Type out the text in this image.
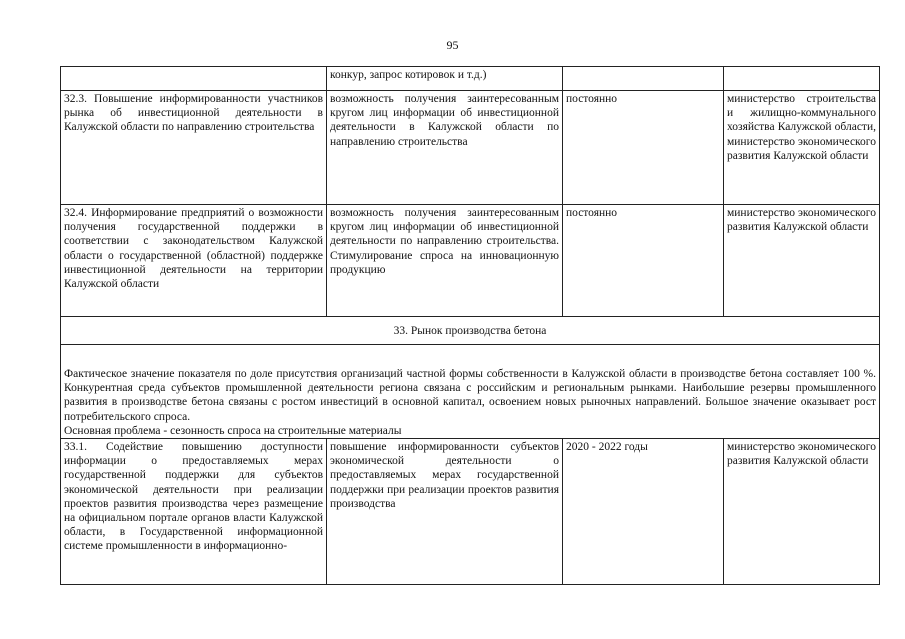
95
	конкур, запрос котировок и т.д.)		
32.3. Повышение информированности участников рынка об инвестиционной деятельности в Калужской области по направлению строительства	возможность получения заинтересованным кругом лиц информации об инвестиционной деятельности в Калужской области по направлению строительства	постоянно	министерство строительства и жилищно-коммунального хозяйства Калужской области, министерство экономического развития Калужской области
32.4. Информирование предприятий о возможности получения государственной поддержки в соответствии с законодательством Калужской области о государственной (областной) поддержке инвестиционной деятельности на территории Калужской области	возможность получения заинтересованным кругом лиц информации об инвестиционной деятельности по направлению строительства. Стимулирование спроса на инновационную продукцию	постоянно	министерство экономического развития Калужской области
33. Рынок производства бетона			

Фактическое значение показателя по доле присутствия организаций частной формы собственности в Калужской области в производстве бетона составляет 100 %. Конкурентная среда субъектов промышленной деятельности региона связана с российским и региональным рынками. Наибольшие резервы промышленного развития в производстве бетона связаны с ростом инвестиций в основной капитал, освоением новых рыночных направлений. Большое значение оказывает рост потребительского спроса.

Основная проблема - сезонность спроса на строительные материалы			

33.1. Содействие повышению доступности информации о предоставляемых мерах государственной поддержки для субъектов экономической деятельности при реализации проектов развития производства через размещение на официальном портале органов власти Калужской области, в Государственной информационной системе промышленности в информационно-	повышение информированности субъектов экономической деятельности о предоставляемых мерах государственной поддержки при реализации проектов развития производства	2020 - 2022 годы	министерство экономического развития Калужской области
